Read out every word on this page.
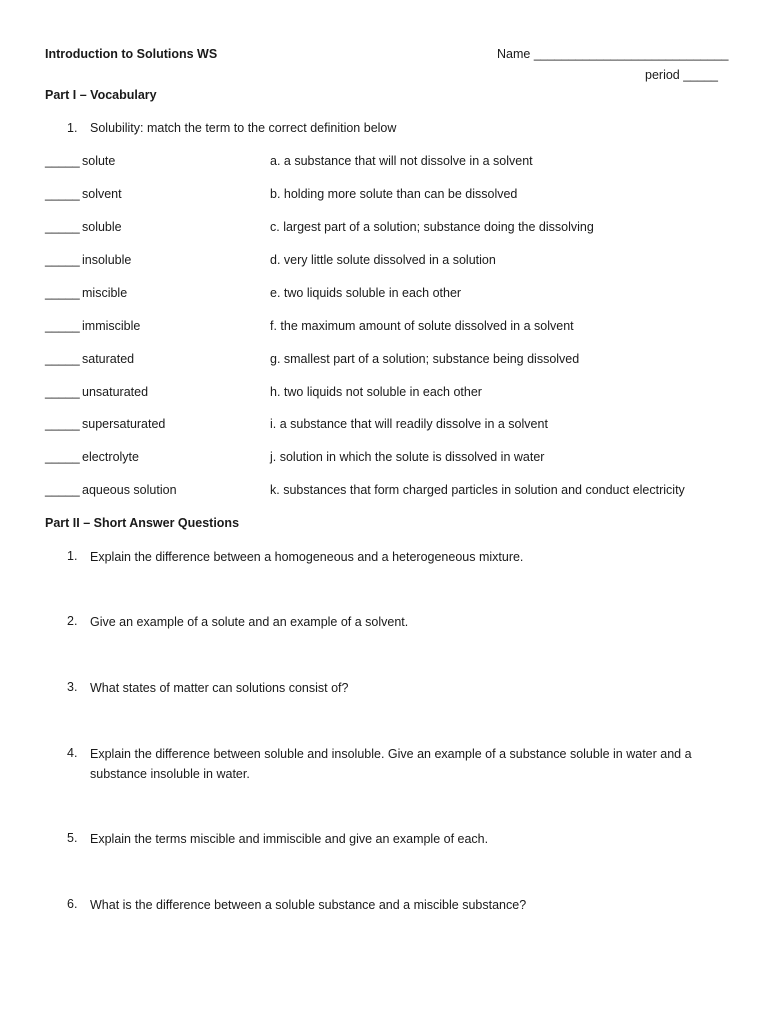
Introduction to Solutions WS	Name ____________________________
period _____
Part I – Vocabulary
1. Solubility: match the term to the correct definition below
_____ solute	a. a substance that will not dissolve in a solvent
_____ solvent	b. holding more solute than can be dissolved
_____ soluble	c. largest part of a solution; substance doing the dissolving
_____ insoluble	d. very little solute dissolved in a solution
_____ miscible	e. two liquids soluble in each other
_____ immiscible	f. the maximum amount of solute dissolved in a solvent
_____ saturated	g. smallest part of a solution; substance being dissolved
_____ unsaturated	h. two liquids not soluble in each other
_____ supersaturated	i. a substance that will readily dissolve in a solvent
_____ electrolyte	j. solution in which the solute is dissolved in water
_____ aqueous solution	k. substances that form charged particles in solution and conduct electricity
Part II – Short Answer Questions
1. Explain the difference between a homogeneous and a heterogeneous mixture.
2. Give an example of a solute and an example of a solvent.
3. What states of matter can solutions consist of?
4. Explain the difference between soluble and insoluble. Give an example of a substance soluble in water and a substance insoluble in water.
5. Explain the terms miscible and immiscible and give an example of each.
6. What is the difference between a soluble substance and a miscible substance?
